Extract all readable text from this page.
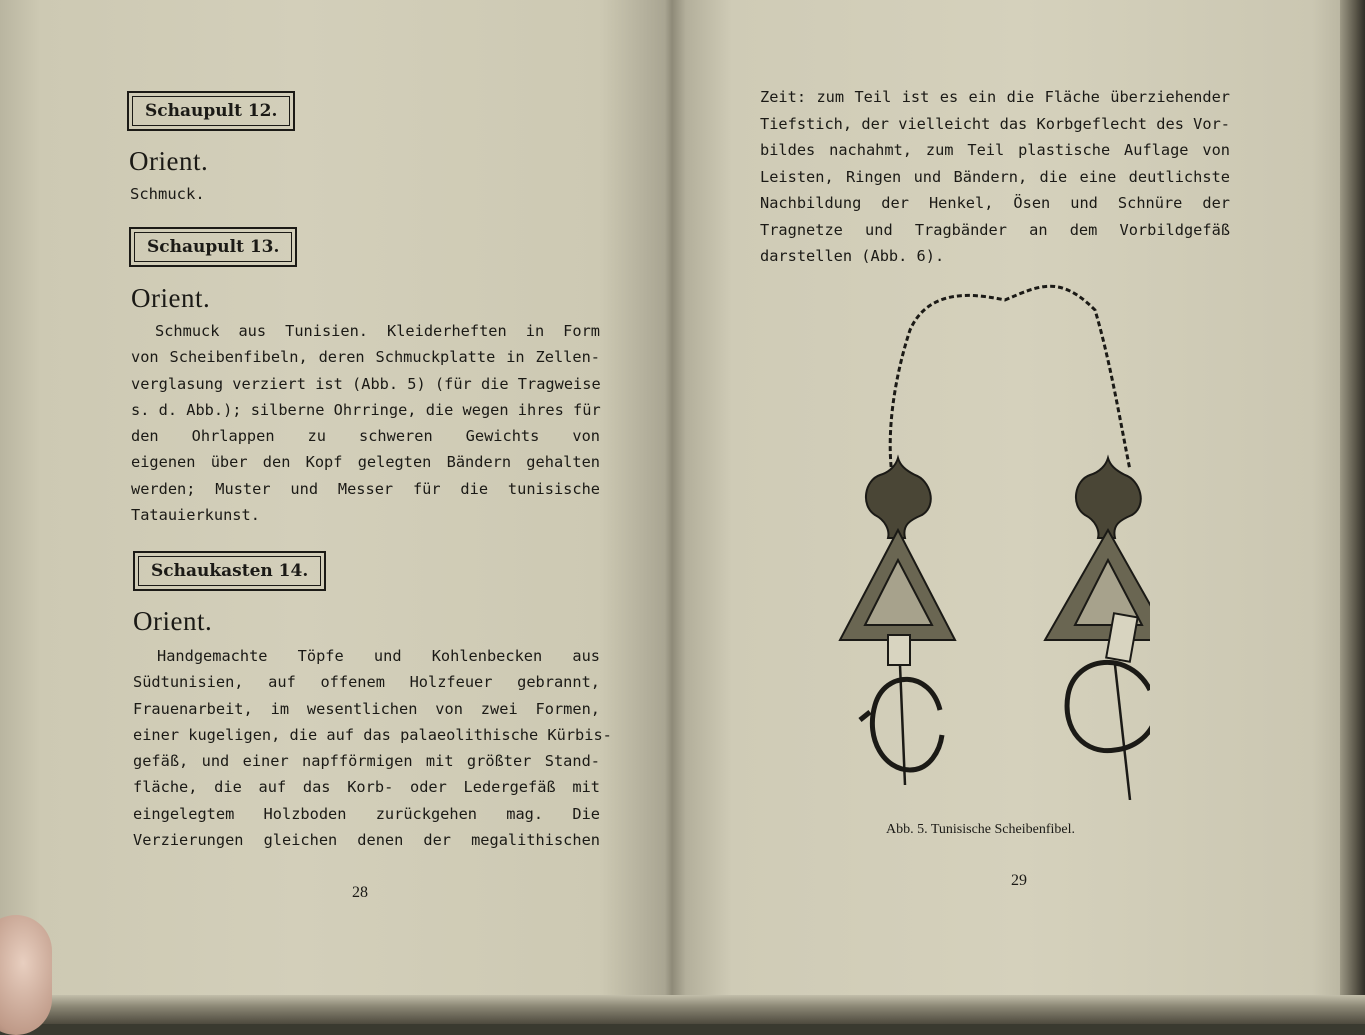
Schaupult 12.
Orient.
Schmuck.
Schaupult 13.
Orient.
Schmuck aus Tunisien. Kleiderheften in Form
von Scheibenfibeln, deren Schmuckplatte in Zellen-
verglasung verziert ist (Abb. 5) (für die Tragweise
s. d. Abb.); silberne Ohrringe, die wegen ihres für
den Ohrlappen zu schweren Gewichts von
eigenen über den Kopf gelegten Bändern gehalten
werden; Muster und Messer für die tunisische
Tatauierkunst.
Schaukasten 14.
Orient.
Handgemachte Töpfe und Kohlenbecken aus
Südtunisien, auf offenem Holzfeuer gebrannt,
Frauenarbeit, im wesentlichen von zwei Formen,
einer kugeligen, die auf das palaeolithische Kürbis-
gefäß, und einer napfförmigen mit größter Stand-
fläche, die auf das Korb- oder Ledergefäß mit
eingelegtem Holzboden zurückgehen mag. Die
Verzierungen gleichen denen der megalithischen
28
Zeit: zum Teil ist es ein die Fläche überziehender
Tiefstich, der vielleicht das Korbgeflecht des Vor-
bildes nachahmt, zum Teil plastische Auflage von
Leisten, Ringen und Bändern, die eine deutlichste
Nachbildung der Henkel, Ösen und Schnüre der
Tragnetze und Tragbänder an dem Vorbildgefäß
darstellen (Abb. 6).
Abb. 5. Tunisische Scheibenfibel.
29
